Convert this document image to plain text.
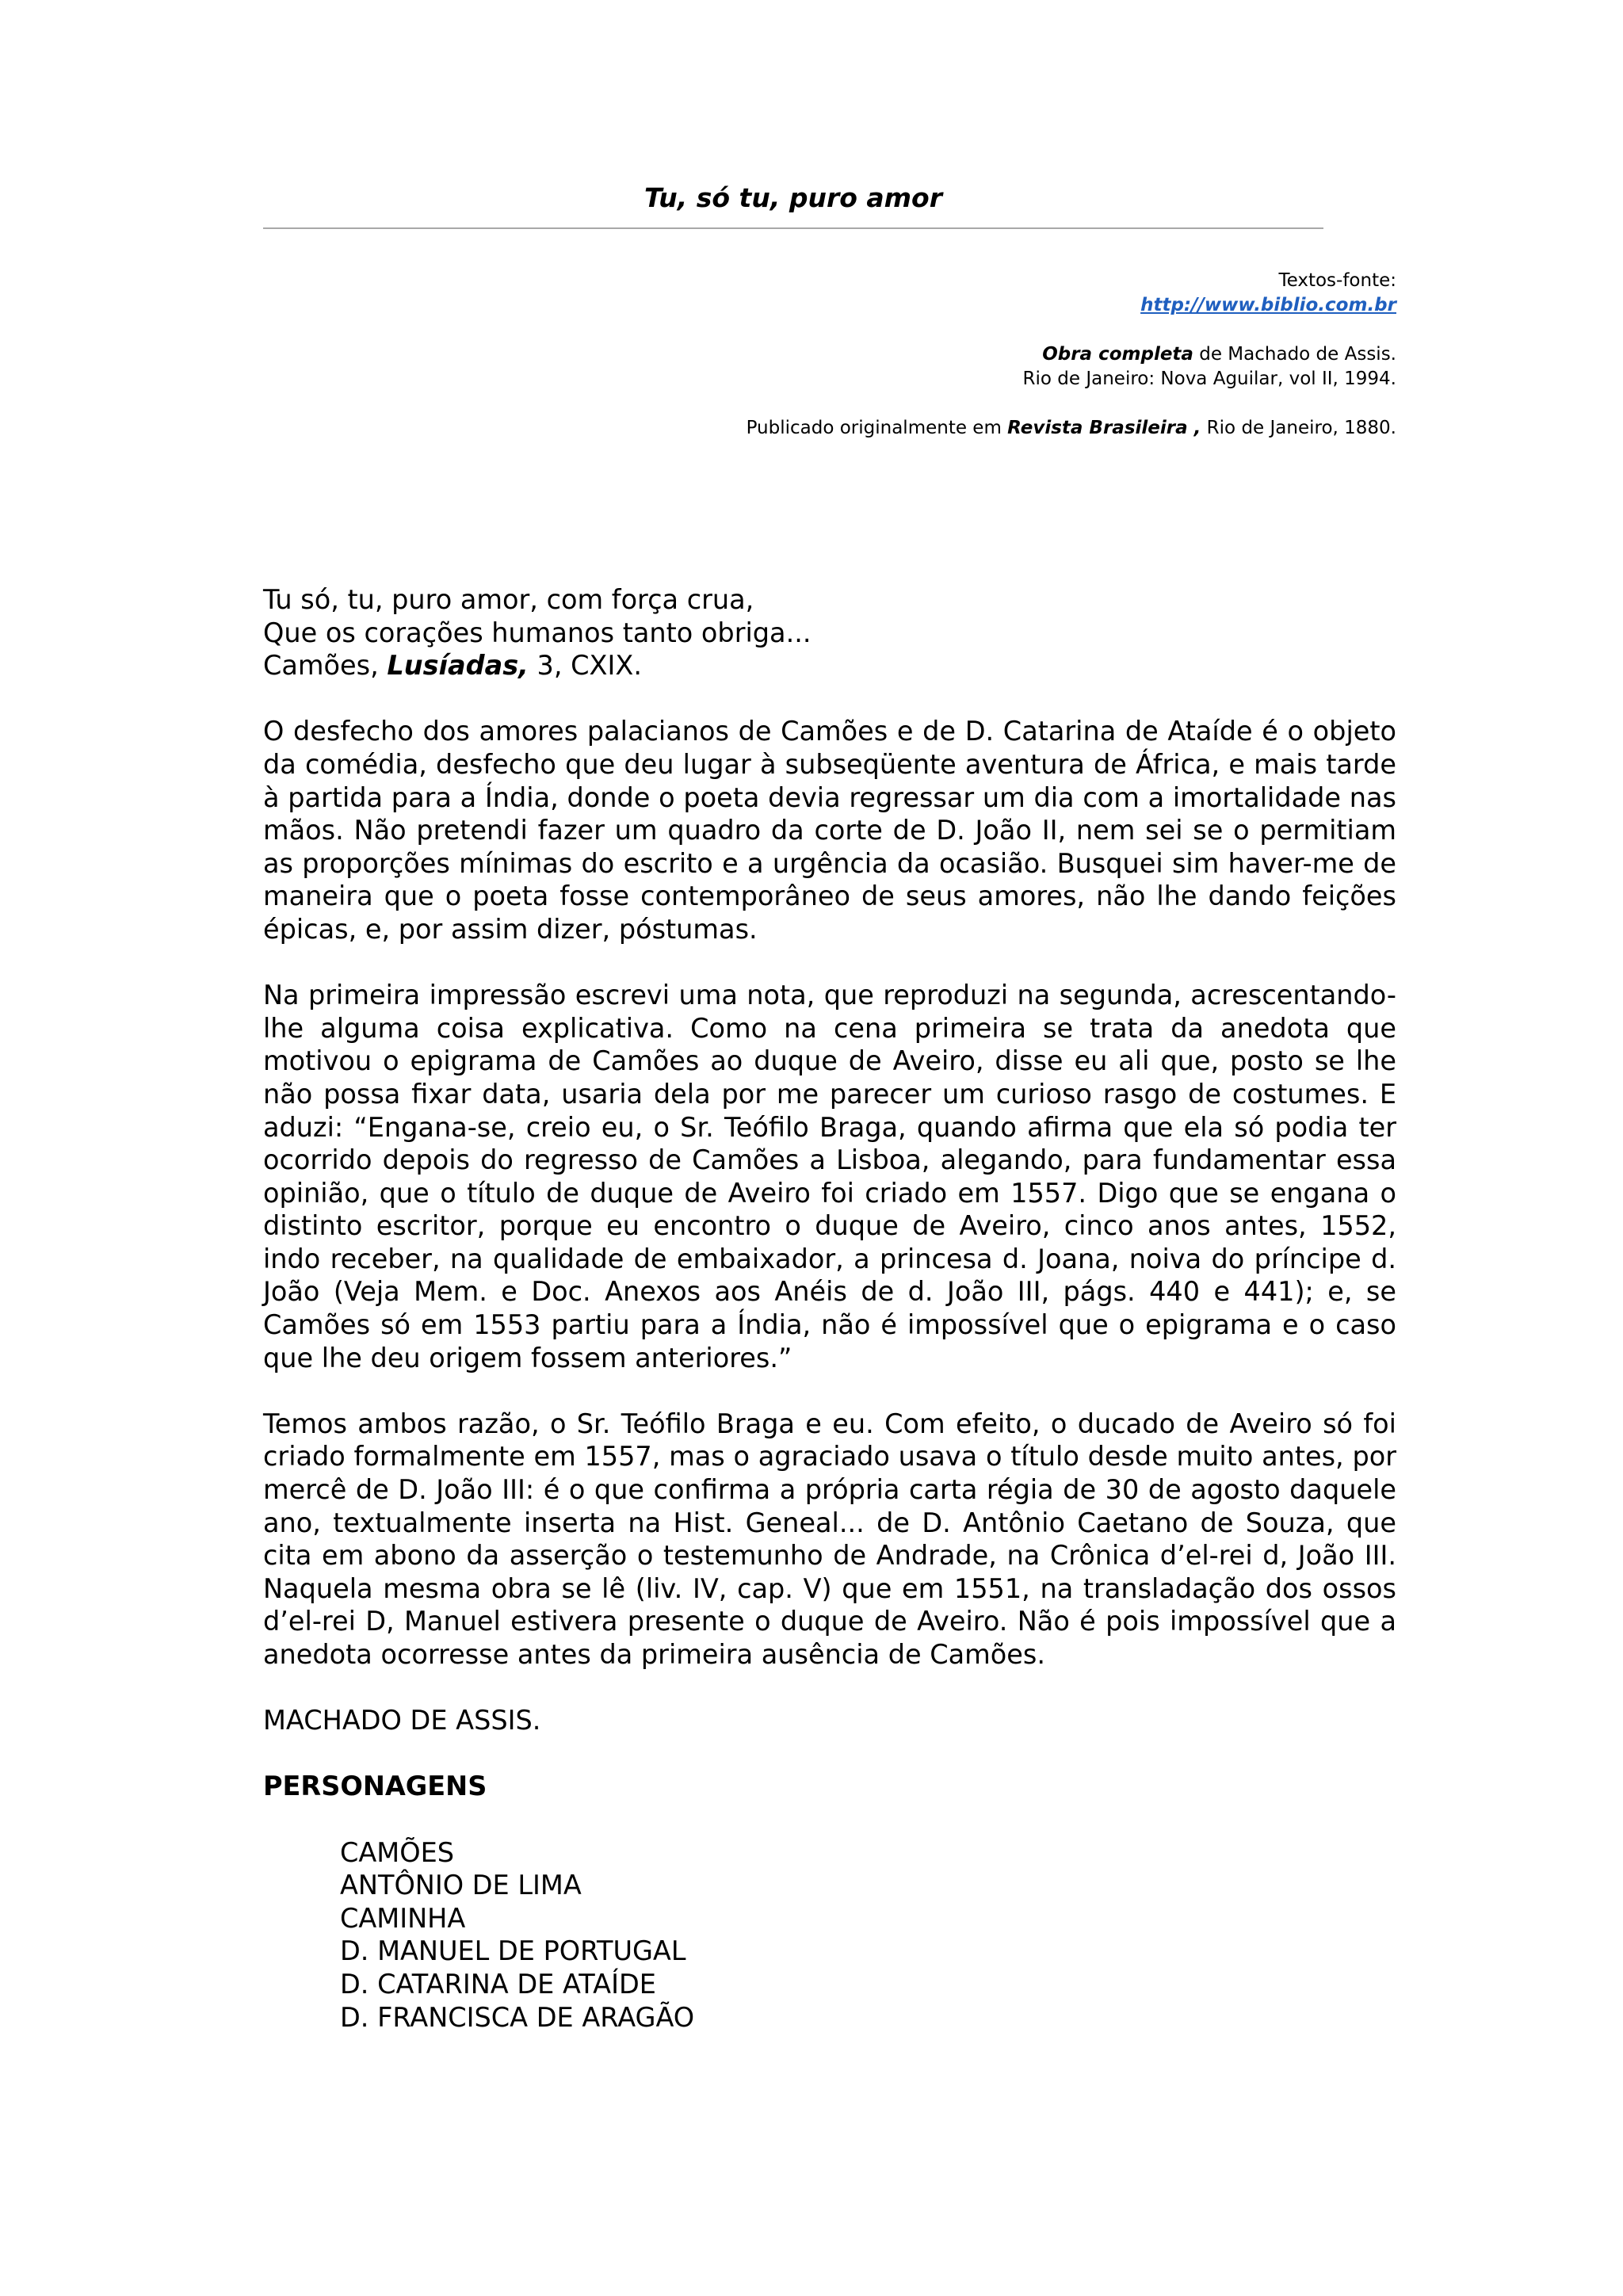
Tu, só tu, puro amor

Textos-fonte:

http://www.biblio.com.br

Obra completa de Machado de Assis.

Rio de Janeiro: Nova Aguilar, vol II, 1994.

Publicado originalmente em Revista Brasileira , Rio de Janeiro, 1880.

Tu só, tu, puro amor, com força crua,

Que os corações humanos tanto obriga...

Camões, Lusíadas, 3, CXIX.

O desfecho dos amores palacianos de Camões e de D. Catarina de Ataíde é o objeto da comédia, desfecho que deu lugar à subseqüente aventura de África, e mais tarde à partida para a Índia, donde o poeta devia regressar um dia com a imortalidade nas mãos. Não pretendi fazer um quadro da corte de D. João II, nem sei se o permitiam as proporções mínimas do escrito e a urgência da ocasião. Busquei sim haver-me de maneira que o poeta fosse contemporâneo de seus amores, não lhe dando feições épicas, e, por assim dizer, póstumas.

Na primeira impressão escrevi uma nota, que reproduzi na segunda, acrescentando-lhe alguma coisa explicativa. Como na cena primeira se trata da anedota que motivou o epigrama de Camões ao duque de Aveiro, disse eu ali que, posto se lhe não possa fixar data, usaria dela por me parecer um curioso rasgo de costumes. E aduzi: “Engana-se, creio eu, o Sr. Teófilo Braga, quando afirma que ela só podia ter ocorrido depois do regresso de Camões a Lisboa, alegando, para fundamentar essa opinião, que o título de duque de Aveiro foi criado em 1557. Digo que se engana o distinto escritor, porque eu encontro o duque de Aveiro, cinco anos antes, 1552, indo receber, na qualidade de embaixador, a princesa d. Joana, noiva do príncipe d. João (Veja Mem. e Doc. Anexos aos Anéis de d. João III, págs. 440 e 441); e, se Camões só em 1553 partiu para a Índia, não é impossível que o epigrama e o caso que lhe deu origem fossem anteriores.”

Temos ambos razão, o Sr. Teófilo Braga e eu. Com efeito, o ducado de Aveiro só foi criado formalmente em 1557, mas o agraciado usava o título desde muito antes, por mercê de D. João III: é o que confirma a própria carta régia de 30 de agosto daquele ano, textualmente inserta na Hist. Geneal... de D. Antônio Caetano de Souza, que cita em abono da asserção o testemunho de Andrade, na Crônica d’el-rei d, João III. Naquela mesma obra se lê (liv. IV, cap. V) que em 1551, na transladação dos ossos d’el-rei D, Manuel estivera presente o duque de Aveiro. Não é pois impossível que a anedota ocorresse antes da primeira ausência de Camões.

MACHADO DE ASSIS.

PERSONAGENS
CAMÕES
ANTÔNIO DE LIMA
CAMINHA
D. MANUEL DE PORTUGAL
D. CATARINA DE ATAÍDE
D. FRANCISCA DE ARAGÃO
